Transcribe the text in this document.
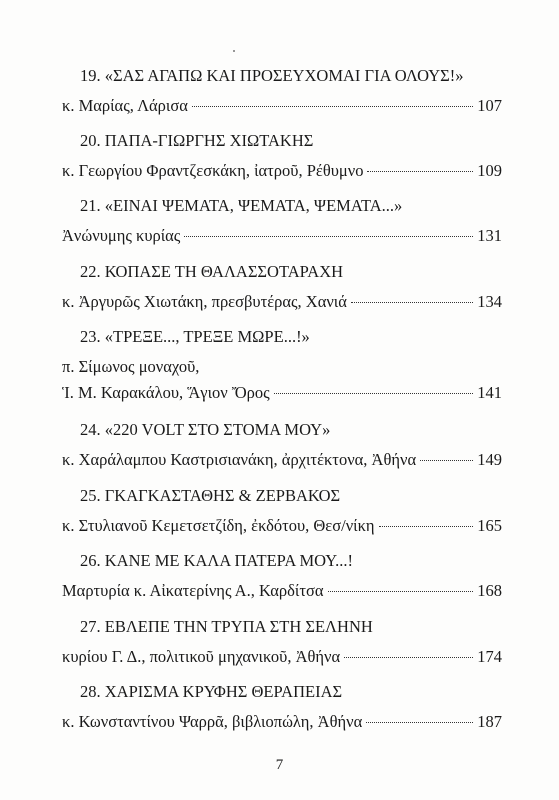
19. «ΣΑΣ ΑΓΑΠΩ ΚΑΙ ΠΡΟΣΕΥΧΟΜΑΙ ΓΙΑ ΟΛΟΥΣ!»
κ. Μαρίας, Λάρισα	107
20. ΠΑΠΑ-ΓΙΩΡΓΗΣ ΧΙΩΤΑΚΗΣ
κ. Γεωργίου Φραντζεσκάκη, ἰατροῦ, Ρέθυμνο	109
21. «ΕΙΝΑΙ ΨΕΜΑΤΑ, ΨΕΜΑΤΑ, ΨΕΜΑΤΑ...»
Ἀνώνυμης κυρίας	131
22. ΚΟΠΑΣΕ ΤΗ ΘΑΛΑΣΣΟΤΑΡΑΧΗ
κ. Ἀργυρῶς Χιωτάκη, πρεσβυτέρας, Χανιά	134
23. «ΤΡΕΞΕ..., ΤΡΕΞΕ ΜΩΡΕ...!»
π. Σίμωνος μοναχοῦ,
Ἱ. Μ. Καρακάλου, Ἅγιον Ὄρος	141
24. «220 VOLT ΣΤΟ ΣΤΟΜΑ ΜΟΥ»
κ. Χαράλαμπου Καστρισιανάκη, ἀρχιτέκτονα, Ἀθήνα	149
25. ΓΚΑΓΚΑΣΤΑΘΗΣ & ΖΕΡΒΑΚΟΣ
κ. Στυλιανοῦ Κεμετσετζίδη, ἐκδότου, Θεσ/νίκη	165
26. ΚΑΝΕ ΜΕ ΚΑΛΑ ΠΑΤΕΡΑ ΜΟΥ...!
Μαρτυρία κ. Αἰκατερίνης Α., Καρδίτσα	168
27. ΕΒΛΕΠΕ ΤΗΝ ΤΡΥΠΑ ΣΤΗ ΣΕΛΗΝΗ
κυρίου Γ. Δ., πολιτικοῦ μηχανικοῦ, Ἀθήνα	174
28. ΧΑΡΙΣΜΑ ΚΡΥΦΗΣ ΘΕΡΑΠΕΙΑΣ
κ. Κωνσταντίνου Ψαρρᾶ, βιβλιοπώλη, Ἀθήνα	187
7
